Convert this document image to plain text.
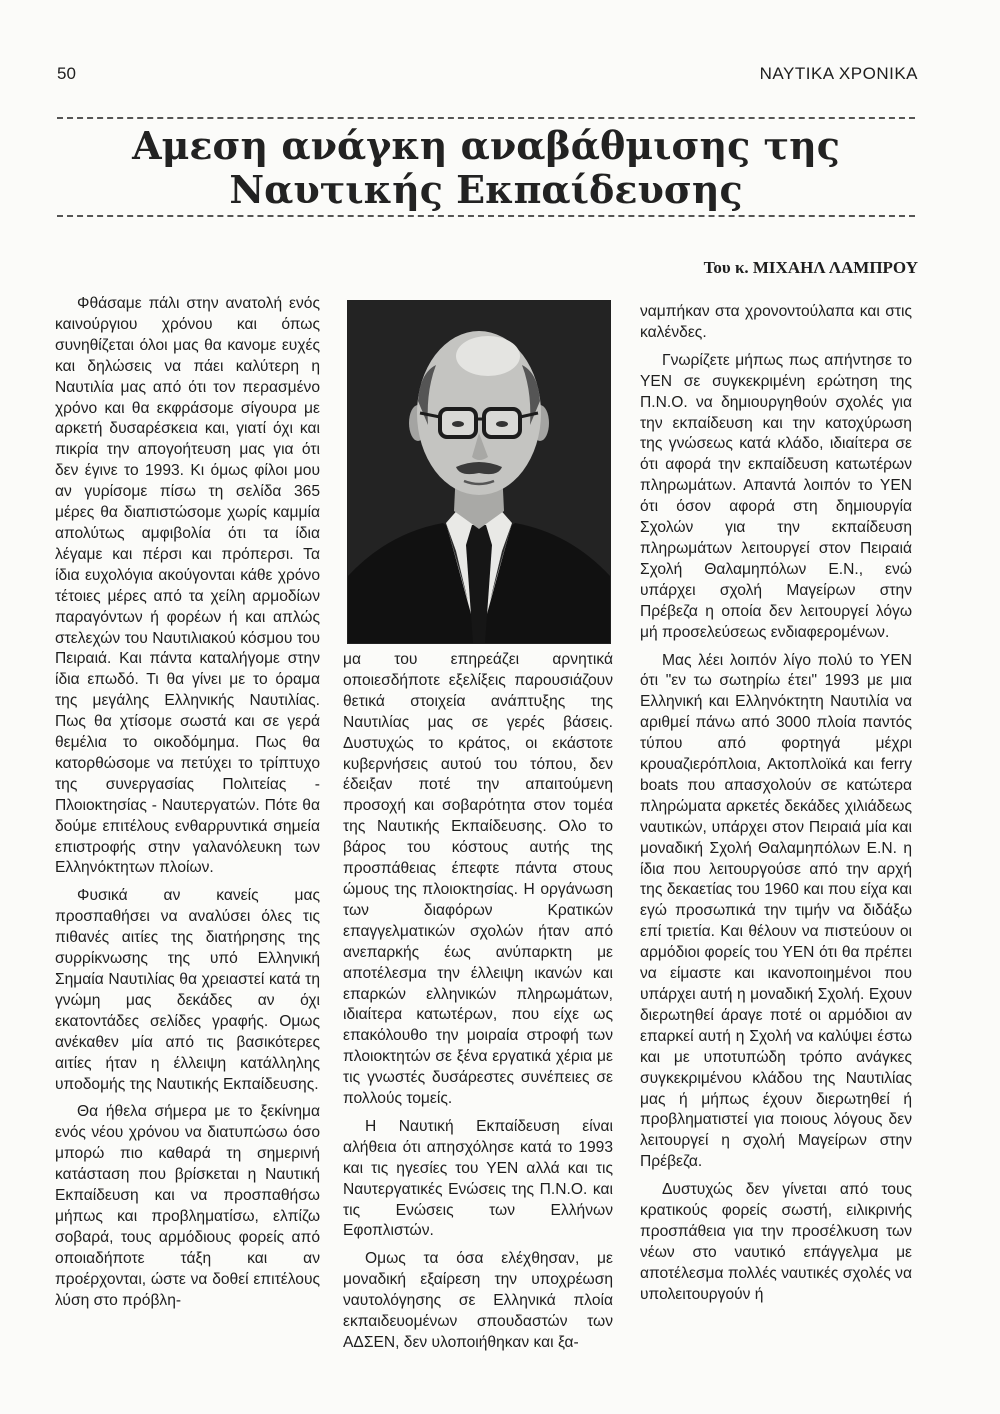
50	ΝΑΥΤΙΚΑ ΧΡΟΝΙΚΑ
Αμεση ανάγκη αναβάθμισης της
Ναυτικής Εκπαίδευσης
Του κ. ΜΙΧΑΗΛ ΛΑΜΠΡΟΥ

Φθάσαμε πάλι στην ανατολή ενός καινούργιου χρόνου και όπως συνηθίζεται όλοι μας θα κανομε ευχές και δηλώσεις να πάει καλύτερη η Ναυτιλία μας από ότι τον περασμένο χρόνο και θα εκφράσομε σίγουρα με αρκετή δυσαρέσκεια και, γιατί όχι και πικρία την απογοήτευση μας για ότι δεν έγινε το 1993. Κι όμως φίλοι μου αν γυρίσομε πίσω τη σελίδα 365 μέρες θα διαπιστώσομε χωρίς καμμία απολύτως αμφιβολία ότι τα ίδια λέγαμε και πέρσι και πρόπερσι. Τα ίδια ευχολόγια ακούγονται κάθε χρόνο τέτοιες μέρες από τα χείλη αρμοδίων παραγόντων ή φορέων ή και απλώς στελεχών του Ναυτιλιακού κόσμου του Πειραιά. Και πάντα καταλήγομε στην ίδια επωδό. Τι θα γίνει με το όραμα της μεγάλης Ελληνικής Ναυτιλίας. Πως θα χτίσομε σωστά και σε γερά θεμέλια το οικοδόμημα. Πως θα κατορθώσομε να πετύχει το τρίπτυχο της συνεργασίας Πολιτείας - Πλοιοκτησίας - Ναυτεργατών. Πότε θα δούμε επιτέλους ενθαρρυντικά σημεία επιστροφής στην γαλανόλευκη των Ελληνόκτητων πλοίων.

Φυσικά αν κανείς μας προσπαθήσει να αναλύσει όλες τις πιθανές αιτίες της διατήρησης της συρρίκνωσης της υπό Ελληνική Σημαία Ναυτιλίας θα χρειαστεί κατά τη γνώμη μας δεκάδες αν όχι εκατοντάδες σελίδες γραφής. Ομως ανέκαθεν μία από τις βασικότερες αιτίες ήταν η έλλειψη κατάλληλης υποδομής της Ναυτικής Εκπαίδευσης.

Θα ήθελα σήμερα με το ξεκίνημα ενός νέου χρόνου να διατυπώσω όσο μπορώ πιο καθαρά τη σημερινή κατάσταση που βρίσκεται η Ναυτική Εκπαίδευση και να προσπαθήσω μήπως και προβληματίσω, ελπίζω σοβαρά, τους αρμόδιους φορείς από οποιαδήποτε τάξη και αν προέρχονται, ώστε να δοθεί επιτέλους λύση στο πρόβλη-

μα του επηρεάζει αρνητικά οποιεσδήποτε εξελίξεις παρουσιάζουν θετικά στοιχεία ανάπτυξης της Ναυτιλίας μας σε γερές βάσεις. Δυστυχώς το κράτος, οι εκάστοτε κυβερνήσεις αυτού του τόπου, δεν έδειξαν ποτέ την απαιτούμενη προσοχή και σοβαρότητα στον τομέα της Ναυτικής Εκπαίδευσης. Ολο το βάρος του κόστους αυτής της προσπάθειας έπεφτε πάντα στους ώμους της πλοιοκτησίας. Η οργάνωση των διαφόρων Κρατικών επαγγελματικών σχολών ήταν από ανεπαρκής έως ανύπαρκτη με αποτέλεσμα την έλλειψη ικανών και επαρκών ελληνικών πληρωμάτων, ιδιαίτερα κατωτέρων, που είχε ως επακόλουθο την μοιραία στροφή των πλοιοκτητών σε ξένα εργατικά χέρια με τις γνωστές δυσάρεστες συνέπειες σε πολλούς τομείς.

Η Ναυτική Εκπαίδευση είναι αλήθεια ότι απησχόλησε κατά το 1993 και τις ηγεσίες του ΥΕΝ αλλά και τις Ναυτεργατικές Ενώσεις της Π.Ν.Ο. και τις Ενώσεις των Ελλήνων Εφοπλιστών.

Ομως τα όσα ελέχθησαν, με μοναδική εξαίρεση την υποχρέωση ναυτολόγησης σε Ελληνικά πλοία εκπαιδευομένων σπουδαστών των ΑΔΣΕΝ, δεν υλοποιήθηκαν και ξα-

ναμπήκαν στα χρονοντούλαπα και στις καλένδες.

Γνωρίζετε μήπως πως απήντησε το ΥΕΝ σε συγκεκριμένη ερώτηση της Π.Ν.Ο. να δημιουργηθούν σχολές για την εκπαίδευση και την κατοχύρωση της γνώσεως κατά κλάδο, ιδιαίτερα σε ότι αφορά την εκπαίδευση κατωτέρων πληρωμάτων. Απαντά λοιπόν το ΥΕΝ ότι όσον αφορά στη δημιουργία Σχολών για την εκπαίδευση πληρωμάτων λειτουργεί στον Πειραιά Σχολή Θαλαμηπόλων Ε.Ν., ενώ υπάρχει σχολή Μαγείρων στην Πρέβεζα η οποία δεν λειτουργεί λόγω μή προσελεύσεως ενδιαφερομένων.

Μας λέει λοιπόν λίγο πολύ το ΥΕΝ ότι "εν τω σωτηρίω έτει" 1993 με μια Ελληνική και Ελληνόκτητη Ναυτιλία να αριθμεί πάνω από 3000 πλοία παντός τύπου από φορτηγά μέχρι κρουαζιερόπλοια, Ακτοπλοϊκά και ferry boats που απασχολούν σε κατώτερα πληρώματα αρκετές δεκάδες χιλιάδεως ναυτικών, υπάρχει στον Πειραιά μία και μοναδική Σχολή Θαλαμηπόλων Ε.Ν. η ίδια που λειτουργούσε από την αρχή της δεκαετίας του 1960 και που είχα και εγώ προσωπικά την τιμήν να διδάξω επί τριετία. Και θέλουν να πιστεύουν οι αρμόδιοι φορείς του ΥΕΝ ότι θα πρέπει να είμαστε και ικανοποιημένοι που υπάρχει αυτή η μοναδική Σχολή. Εχουν διερωτηθεί άραγε ποτέ οι αρμόδιοι αν επαρκεί αυτή η Σχολή να καλύψει έστω και με υποτυπώδη τρόπο ανάγκες συγκεκριμένου κλάδου της Ναυτιλίας μας ή μήπως έχουν διερωτηθεί ή προβληματιστεί για ποιους λόγους δεν λειτουργεί η σχολή Μαγείρων στην Πρέβεζα.

Δυστυχώς δεν γίνεται από τους κρατικούς φορείς σωστή, ειλικρινής προσπάθεια για την προσέλκυση των νέων στο ναυτικό επάγγελμα με αποτέλεσμα πολλές ναυτικές σχολές να υπολειτουργούν ή
